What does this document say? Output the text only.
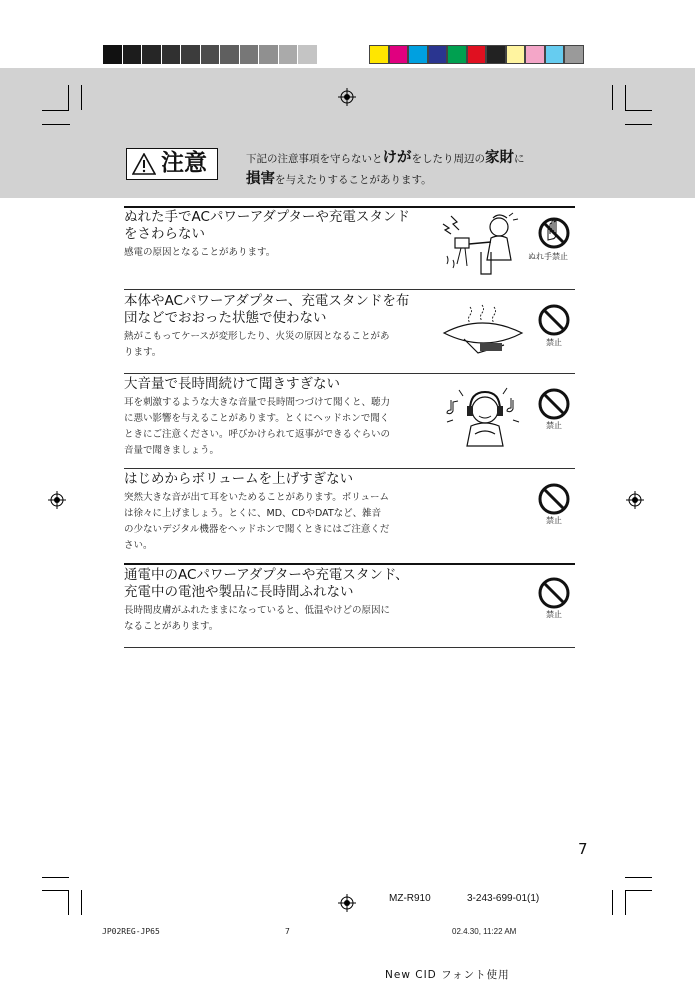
注意	下記の注意事項を守らないとけがをしたり周辺の家財に
損害を与えたりすることがあります。
ぬれた手でACパワーアダプターや充電スタンド
をさわらない
感電の原因となることがあります。	ぬれ手禁止
本体やACパワーアダプター、充電スタンドを布
団などでおおった状態で使わない
熱がこもってケースが変形したり、火災の原因となることがあ
ります。
禁止
大音量で長時間続けて聞きすぎない
耳を刺激するような大きな音量で長時間つづけて聞くと、聴力
に悪い影響を与えることがあります。とくにヘッドホンで聞く
ときにご注意ください。呼びかけられて返事ができるぐらいの
音量で聞きましょう。
禁止
はじめからボリュームを上げすぎない
突然大きな音が出て耳をいためることがあります。ボリューム
は徐々に上げましょう。とくに、MD、CDやDATなど、雑音
の少ないデジタル機器をヘッドホンで聞くときにはご注意くだ
さい。
禁止
通電中のACパワーアダプターや充電スタンド、
充電中の電池や製品に長時間ふれない
長時間皮膚がふれたままになっていると、低温やけどの原因に
なることがあります。
禁止
7
MZ-R910	3-243-699-01(1)
JP02REG-JP65	7	02.4.30, 11:22 AM
New CID フォント使用
